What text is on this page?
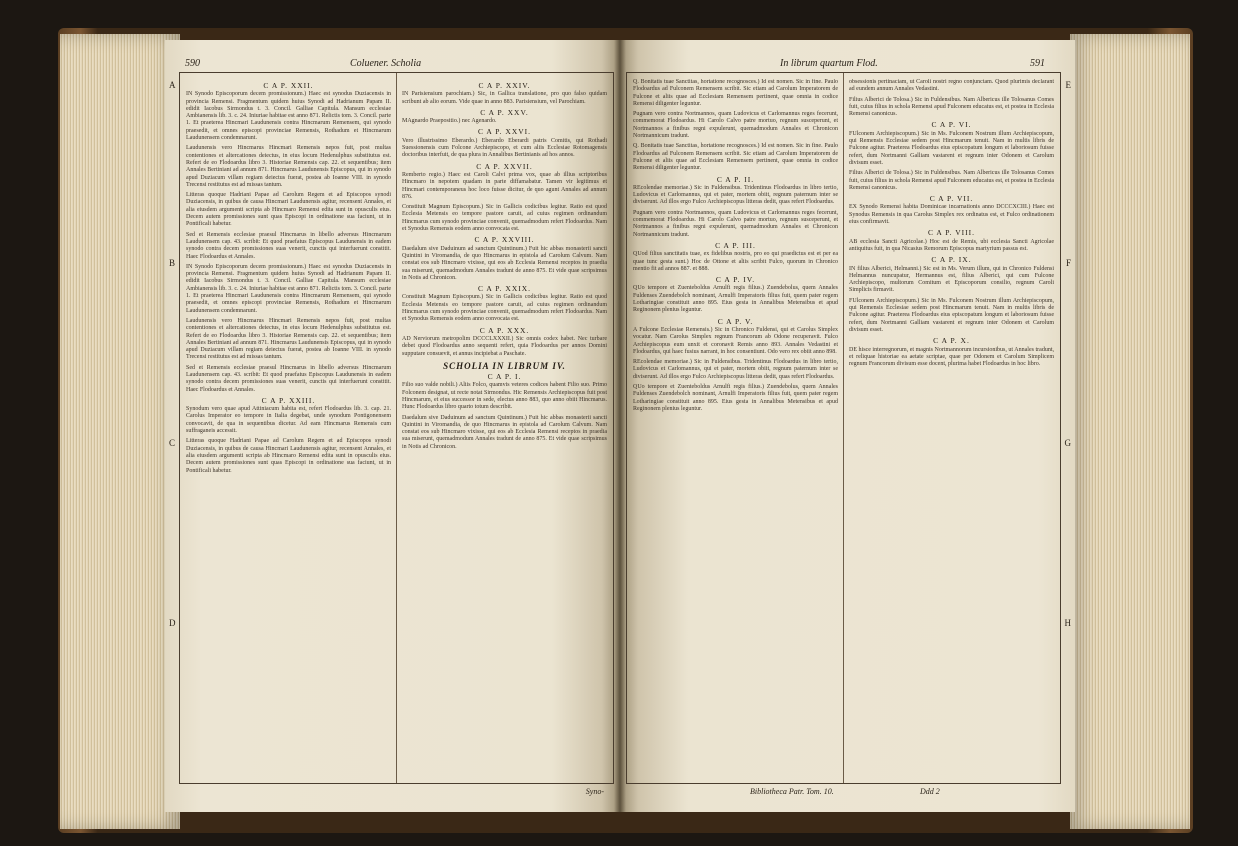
590	Coluener. Scholia
C A P. XXII.

IN Synodo Episcoporum decem promissionum.) Haec est synodus Duziacensis in provincia Remensi. Fragmentum quidem huius Synodi ad Hadrianum Papam II. edidit Iacobus Sirmondus t. 3. Concil. Galliae Capitula. Mansum ecclesiae Ambianensis lib. 3. c. 24. Iniuriae habitae est anno 871. Relictis tom. 3. Concil. parte 1. Et praeterea Hincmari Laudunensis contra Hincmarum Remensem, qui synodo praesedit, et omnes episcopi provinciae Remensis, Rothadum et Hincmarum Laudunensem condemnarunt.

Laudunensis vero Hincmarus Hincmari Remensis nepos fuit, post multas contentiones et altercationes deiectus, in eius locum Hedenulphus substitutus est. Refert de eo Flodoardus libro 3. Historiae Remensis cap. 22. et sequentibus; item Annales Bertiniani ad annum 871. Hincmarus Laudunensis Episcopus, qui in synodo apud Duziacum villam regiam deiectus fuerat, postea ab Ioanne VIII. in synodo Trecensi restitutus est ad missas tantum.

Litteras quoque Hadriani Papae ad Carolum Regem et ad Episcopos synodi Duziacensis, in quibus de causa Hincmari Laudunensis agitur, recensent Annales, et alia eiusdem argumenti scripta ab Hincmaro Remensi edita sunt in opusculis eius. Decem autem promissiones sunt quas Episcopi in ordinatione sua faciunt, ut in Pontificali habetur.

Sed et Remensis ecclesiae praesul Hincmarus in libello adversus Hincmarum Laudunensem cap. 43. scribit: Et quod praefatus Episcopus Laudunensis in eadem synodo contra decem promissiones suas venerit, cunctis qui interfuerunt constitit. Haec Flodoardus et Annales.

IN Synodo Episcoporum decem promissionum.) Haec est synodus Duziacensis in provincia Remensi. Fragmentum quidem huius Synodi ad Hadrianum Papam II. edidit Iacobus Sirmondus t. 3. Concil. Galliae Capitula. Mansum ecclesiae Ambianensis lib. 3. c. 24. Iniuriae habitae est anno 871. Relictis tom. 3. Concil. parte 1. Et praeterea Hincmari Laudunensis contra Hincmarum Remensem, qui synodo praesedit, et omnes episcopi provinciae Remensis, Rothadum et Hincmarum Laudunensem condemnarunt.

Laudunensis vero Hincmarus Hincmari Remensis nepos fuit, post multas contentiones et altercationes deiectus, in eius locum Hedenulphus substitutus est. Refert de eo Flodoardus libro 3. Historiae Remensis cap. 22. et sequentibus; item Annales Bertiniani ad annum 871. Hincmarus Laudunensis Episcopus, qui in synodo apud Duziacum villam regiam deiectus fuerat, postea ab Ioanne VIII. in synodo Trecensi restitutus est ad missas tantum.

Sed et Remensis ecclesiae praesul Hincmarus in libello adversus Hincmarum Laudunensem cap. 43. scribit: Et quod praefatus Episcopus Laudunensis in eadem synodo contra decem promissiones suas venerit, cunctis qui interfuerunt constitit. Haec Flodoardus et Annales.

C A P. XXIII.

Synodum vero quae apud Attiniacum habita est, refert Flodoardus lib. 3. cap. 21. Carolus Imperator eo tempore in Italia degebat, unde synodum Pontigonensem convocavit, de qua in sequentibus dicetur. Ad eam Hincmarus Remensis cum suffraganeis accessit.

Litteras quoque Hadriani Papae ad Carolum Regem et ad Episcopos synodi Duziacensis, in quibus de causa Hincmari Laudunensis agitur, recensent Annales, et alia eiusdem argumenti scripta ab Hincmaro Remensi edita sunt in opusculis eius. Decem autem promissiones sunt quas Episcopi in ordinatione sua faciunt, ut in Pontificali habetur.

C A P. XXIV.

IN Parisiensium parochiam.) Sic, in Gallica translatione, pro quo falso quidam scribunt ab alio eorum. Vide quae in anno 883. Parisiensium, vel Parochiam.

C A P. XXV.

MAgnardo Praepositio.) nec Agenardo.

C A P. XXVI.

Vero illustrissimo Eberardo.) Eberardo Eberardi patris Comitis, qui Rothadi Suessionensis cum Folcone Archiepiscopo, et cum aliis Ecclesiae Rotomagensis doctoribus interfuit, de qua plura in Annalibus Bertinianis ad hos annos.

C A P. XXVII.

Remberto regio.) Haec est Caroli Calvi prima vox, quae ab illius scriptoribus Hincmaro in nepotem quadam in parte diffamabatur. Tamen vir legitimus et Hincmari contemporaneus hoc loco fuisse dicitur, de quo agunt Annales ad annum 876.

Constituit Magnum Episcopum.) Sic in Gallicis codicibus legitur. Ratio est quod Ecclesia Metensis eo tempore pastore caruit, ad cuius regimen ordinandum Hincmarus cum synodo provinciae convenit, quemadmodum refert Flodoardus. Nam et Synodus Remensis eodem anno convocata est.

C A P. XXVIII.

Daedalum sive Daduinum ad sanctum Quintinum.) Fuit hic abbas monasterii sancti Quintini in Viromandia, de quo Hincmarus in epistola ad Carolum Calvum. Nam constat eos sub Hincmaro vixisse, qui eos ab Ecclesia Remensi receptos in praedia sua miserunt, quemadmodum Annales tradunt de anno 875. Et vide quae scripsimus in Notis ad Chronicon.

C A P. XXIX.

Constituit Magnum Episcopum.) Sic in Gallicis codicibus legitur. Ratio est quod Ecclesia Metensis eo tempore pastore caruit, ad cuius regimen ordinandum Hincmarus cum synodo provinciae convenit, quemadmodum refert Flodoardus. Nam et Synodus Remensis eodem anno convocata est.

C A P. XXX.

AD Nerviorum metropolim DCCCLXXXII.) Sic omnis codex habet. Nec turbare debet quod Flodoardus anno sequenti refert, quia Flodoardus per annos Domini supputare consuevit, et annus incipiebat a Paschate.

SCHOLIA IN LIBRUM IV.
C A P. I.

Filio suo valde nobili.) Aliis Folco, quamvis veteres codices habent Filio suo. Primo Folconem designat, ut recte notat Sirmondus. Hic Remensis Archiepiscopus fuit post Hincmarum, et eius successor in sede, electus anno 883, quo anno obiit Hincmarus. Hunc Flodoardus libro quarto totum describit.

Daedalum sive Daduinum ad sanctum Quintinum.) Fuit hic abbas monasterii sancti Quintini in Viromandia, de quo Hincmarus in epistola ad Carolum Calvum. Nam constat eos sub Hincmaro vixisse, qui eos ab Ecclesia Remensi receptos in praedia sua miserunt, quemadmodum Annales tradunt de anno 875. Et vide quae scripsimus in Notis ad Chronicon.

A
B
C
D
Syno-
In librum quartum Flod.	591

Q. Bonitatis tuae Sanctitas, hortatione recognosces.) Id est nomen. Sic in fine. Paulo Flodoardus ad Fulconem Remensem scribit. Sic etiam ad Carolum Imperatorem de Fulcone et aliis quae ad Ecclesiam Remensem pertinent, quae omnia in codice Remensi diligenter leguntur.

Pugnam vero contra Nortmannos, quam Ludovicus et Carlomannus reges fecerunt, commemorat Flodoardus. Hi Carolo Calvo patre mortuo, regnum susceperunt, et Nortmannos a finibus regni expulerunt, quemadmodum Annales et Chronicon Nortmannicum tradunt.

Q. Bonitatis tuae Sanctitas, hortatione recognosces.) Id est nomen. Sic in fine. Paulo Flodoardus ad Fulconem Remensem scribit. Sic etiam ad Carolum Imperatorem de Fulcone et aliis quae ad Ecclesiam Remensem pertinent, quae omnia in codice Remensi diligenter leguntur.

C A P. II.

REcolendae memoriae.) Sic in Fuldensibus. Tridentinus Flodoardus in libro tertio, Ludovicus et Carlomannus, qui et pater, mortem obiit, regnum paternum inter se diviserunt. Ad illos ergo Fulco Archiepiscopus litteras dedit, quas refert Flodoardus.

Pugnam vero contra Nortmannos, quam Ludovicus et Carlomannus reges fecerunt, commemorat Flodoardus. Hi Carolo Calvo patre mortuo, regnum susceperunt, et Nortmannos a finibus regni expulerunt, quemadmodum Annales et Chronicon Nortmannicum tradunt.

C A P. III.

QUod filius sanctitatis tuae, ex fidelibus nostris, pro eo qui praedictus est et per ea quae tunc gesta sunt.) Hoc de Ottone et aliis scribit Fulco, quorum in Chronico mentio fit ad annos 887. et 888.

C A P. IV.

QUo tempore et Zuenteboldus Arnulfi regis filius.) Zuendebolus, quem Annales Fuldenses Zuendebolch nominant, Arnulfi Imperatoris filius fuit, quem pater regem Lotharingiae constituit anno 895. Eius gesta in Annalibus Metensibus et apud Reginonem plenius leguntur.

C A P. V.

A Fulcone Ecclesiae Remensis.) Sic in Chronico Fuldensi, qui et Carolus Simplex vocatur. Nam Carolus Simplex regnum Francorum ab Odone recuperavit. Fulco Archiepiscopus eum unxit et coronavit Remis anno 893. Annales Vedastini et Flodoardus, qui haec fusius narrant, in hoc consentiunt. Odo vero rex obiit anno 898.

REcolendae memoriae.) Sic in Fuldensibus. Tridentinus Flodoardus in libro tertio, Ludovicus et Carlomannus, qui et pater, mortem obiit, regnum paternum inter se diviserunt. Ad illos ergo Fulco Archiepiscopus litteras dedit, quas refert Flodoardus.

QUo tempore et Zuenteboldus Arnulfi regis filius.) Zuendebolus, quem Annales Fuldenses Zuendebolch nominant, Arnulfi Imperatoris filius fuit, quem pater regem Lotharingiae constituit anno 895. Eius gesta in Annalibus Metensibus et apud Reginonem plenius leguntur.

obsessionis pertinaciam, ut Caroli nostri regno conjunctam. Quod plurimis declarant ad eundem annum Annales Vedastini.

Filius Alberici de Tolosa.) Sic in Fuldensibus. Nam Albericus ille Tolosanus Comes fuit, cuius filius in schola Remensi apud Fulconem educatus est, et postea in Ecclesia Remensi canonicus.

C A P. VI.

FUlconem Archiepiscopum.) Sic in Ms. Fulconem Nostrum illum Archiepiscopum, qui Remensis Ecclesiae sedem post Hincmarum tenuit. Nam in multis libris de Fulcone agitur. Praeterea Flodoardus eius episcopatum longum et laboriosum fuisse refert, dum Nortmanni Galliam vastarent et regnum inter Odonem et Carolum divisum esset.

Filius Alberici de Tolosa.) Sic in Fuldensibus. Nam Albericus ille Tolosanus Comes fuit, cuius filius in schola Remensi apud Fulconem educatus est, et postea in Ecclesia Remensi canonicus.

C A P. VII.

EX Synodo Remensi habita Dominicae incarnationis anno DCCCXCIII.) Haec est Synodus Remensis in qua Carolus Simplex rex ordinatus est, et Fulco ordinationem eius confirmavit.

C A P. VIII.

AB ecclesia Sancti Agricolae.) Hoc est de Remis, ubi ecclesia Sancti Agricolae antiquitus fuit, in qua Nicasius Remorum Episcopus martyrium passus est.

C A P. IX.

IN filius Alberici, Helmanni.) Sic est in Ms. Verum illum, qui in Chronico Fuldensi Helmannus nuncupatur, Hermannus est, filius Alberici, qui cum Fulcone Archiepiscopo, multorum Comitum et Episcoporum consilio, regnum Caroli Simplicis firmavit.

FUlconem Archiepiscopum.) Sic in Ms. Fulconem Nostrum illum Archiepiscopum, qui Remensis Ecclesiae sedem post Hincmarum tenuit. Nam in multis libris de Fulcone agitur. Praeterea Flodoardus eius episcopatum longum et laboriosum fuisse refert, dum Nortmanni Galliam vastarent et regnum inter Odonem et Carolum divisum esset.

C A P. X.

DE hisce interregnorum, et magnis Nortmannorum incursionibus, ut Annales tradunt, et reliquae historiae ea aetate scriptae, quae per Odonem et Carolum Simplicem regnum Francorum divisum esse docent, plurima habet Flodoardus in hoc libro.

E
F
G
H
Bibliotheca Patr. Tom. 10.	Ddd 2
